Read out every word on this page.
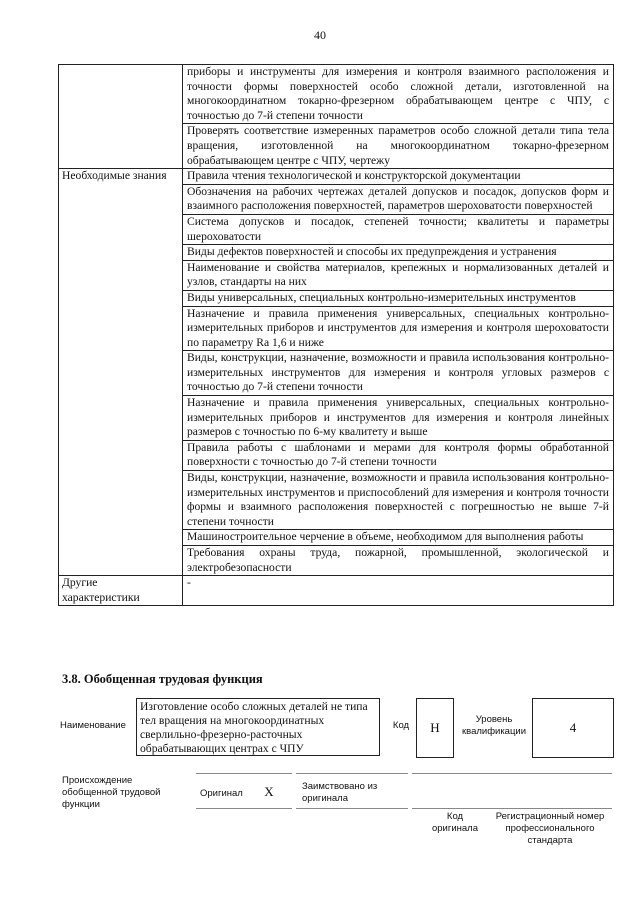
40
	приборы и инструменты для измерения и контроля взаимного расположения и точности формы поверхностей особо сложной детали, изготовленной на многокоординатном токарно-фрезерном обрабатывающем центре с ЧПУ, с точностью до 7-й степени точности
	Проверять соответствие измеренных параметров особо сложной детали типа тела вращения, изготовленной на многокоординатном токарно-фрезерном обрабатывающем центре с ЧПУ, чертежу
Необходимые знания	Правила чтения технологической и конструкторской документации
	Обозначения на рабочих чертежах деталей допусков и посадок, допусков форм и взаимного расположения поверхностей, параметров шероховатости поверхностей
	Система допусков и посадок, степеней точности; квалитеты и параметры шероховатости
	Виды дефектов поверхностей и способы их предупреждения и устранения
	Наименование и свойства материалов, крепежных и нормализованных деталей и узлов, стандарты на них
	Виды универсальных, специальных контрольно-измерительных инструментов
	Назначение и правила применения универсальных, специальных контрольно-измерительных приборов и инструментов для измерения и контроля шероховатости по параметру Ra 1,6 и ниже
	Виды, конструкции, назначение, возможности и правила использования контрольно-измерительных инструментов для измерения и контроля угловых размеров с точностью до 7-й степени точности
	Назначение и правила применения универсальных, специальных контрольно-измерительных приборов и инструментов для измерения и контроля линейных размеров с точностью по 6-му квалитету и выше
	Правила работы с шаблонами и мерами для контроля формы обработанной поверхности с точностью до 7-й степени точности
	Виды, конструкции, назначение, возможности и правила использования контрольно-измерительных инструментов и приспособлений для измерения и контроля точности формы и взаимного расположения поверхностей с погрешностью не выше 7-й степени точности
	Машиностроительное черчение в объеме, необходимом для выполнения работы
	Требования охраны труда, пожарной, промышленной, экологической и электробезопасности
Другие характеристики	-
3.8. Обобщенная трудовая функция
Наименование
Изготовление особо сложных деталей не типа тел вращения на многокоординатных сверлильно-фрезерно-расточных обрабатывающих центрах с ЧПУ
Код	H
Уровень квалификации	4
Происхождение обобщенной трудовой функции
Оригинал	X	Заимствовано из оригинала
Код оригинала
Регистрационный номер профессионального стандарта
